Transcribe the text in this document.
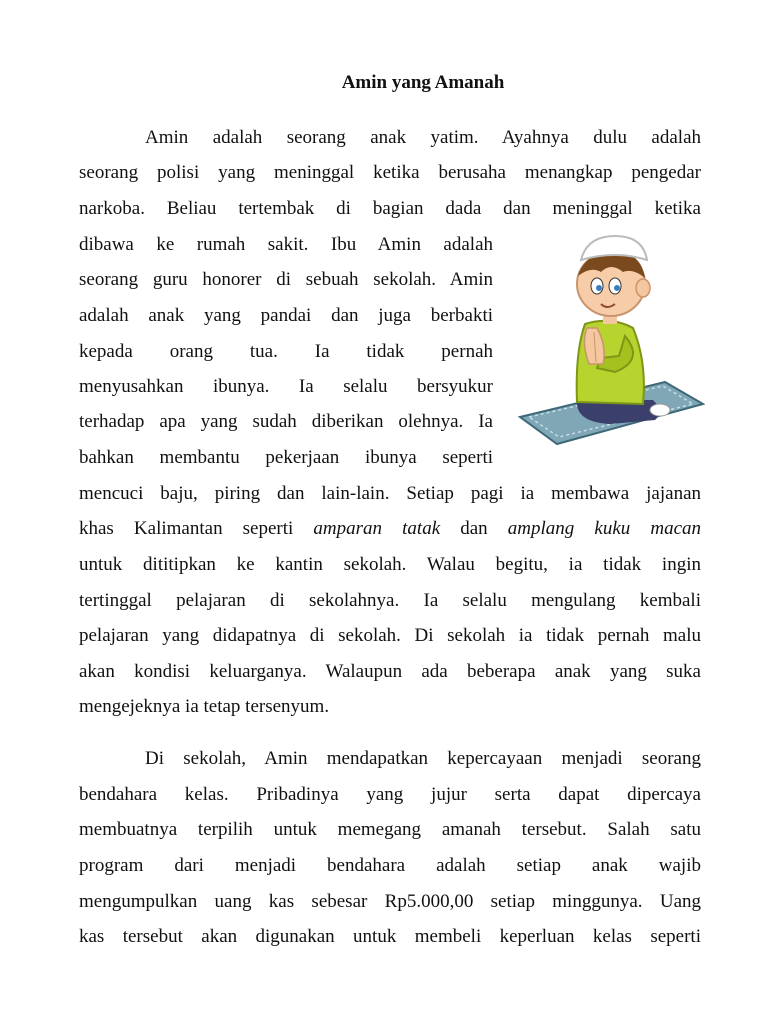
Amin yang Amanah

Amin adalah seorang anak yatim. Ayahnya dulu adalah

seorang polisi yang meninggal ketika berusaha menangkap pengedar

narkoba. Beliau tertembak di bagian dada dan meninggal ketika

dibawa ke rumah sakit. Ibu Amin adalah

seorang guru honorer di sebuah sekolah. Amin

adalah anak yang pandai dan juga berbakti

kepada orang tua. Ia tidak pernah

menyusahkan ibunya. Ia selalu bersyukur

terhadap apa yang sudah diberikan olehnya. Ia

bahkan membantu pekerjaan ibunya seperti

mencuci baju, piring dan lain-lain. Setiap pagi ia membawa jajanan

khas Kalimantan seperti amparan tatak dan amplang kuku macan

untuk dititipkan ke kantin sekolah. Walau begitu, ia tidak ingin

tertinggal pelajaran di sekolahnya. Ia selalu mengulang kembali

pelajaran yang didapatnya di sekolah. Di sekolah ia tidak pernah malu

akan kondisi keluarganya. Walaupun ada beberapa anak yang suka

mengejeknya ia tetap tersenyum.

Di sekolah, Amin mendapatkan kepercayaan menjadi seorang

bendahara kelas. Pribadinya yang jujur serta dapat dipercaya

membuatnya terpilih untuk memegang amanah tersebut. Salah satu

program dari menjadi bendahara adalah setiap anak wajib

mengumpulkan uang kas sebesar Rp5.000,00 setiap minggunya. Uang

kas tersebut akan digunakan untuk membeli keperluan kelas seperti
